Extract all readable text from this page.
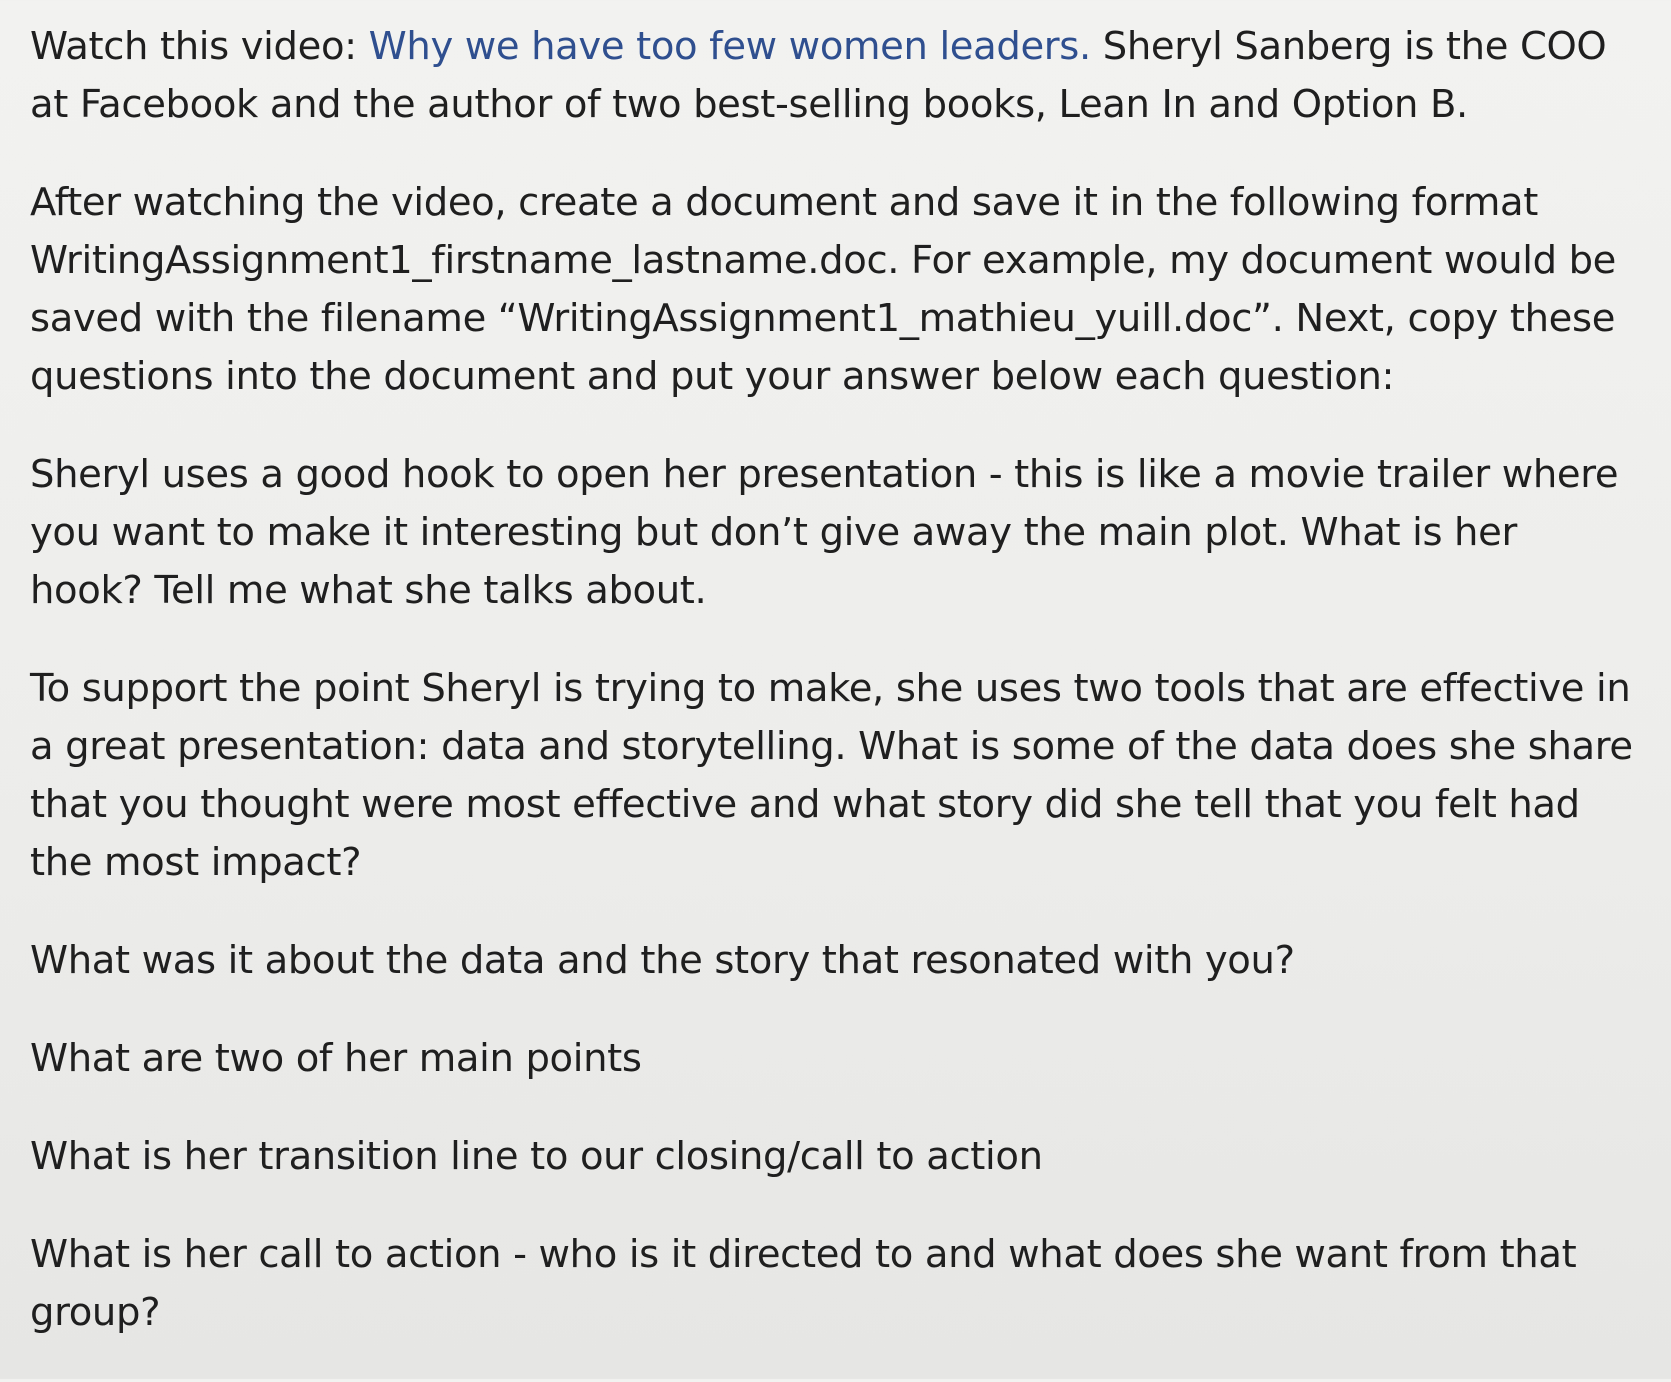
Watch this video: Why we have too few women leaders. Sheryl Sanberg is the COO at Facebook and the author of two best-selling books, Lean In and Option B.

After watching the video, create a document and save it in the following format WritingAssignment1_firstname_lastname.doc. For example, my document would be saved with the filename “WritingAssignment1_mathieu_yuill.doc”. Next, copy these questions into the document and put your answer below each question:

Sheryl uses a good hook to open her presentation - this is like a movie trailer where you want to make it interesting but don’t give away the main plot. What is her hook? Tell me what she talks about.

To support the point Sheryl is trying to make, she uses two tools that are effective in a great presentation: data and storytelling. What is some of the data does she share that you thought were most effective and what story did she tell that you felt had the most impact?

What was it about the data and the story that resonated with you?

What are two of her main points

What is her transition line to our closing/call to action

What is her call to action - who is it directed to and what does she want from that group?
